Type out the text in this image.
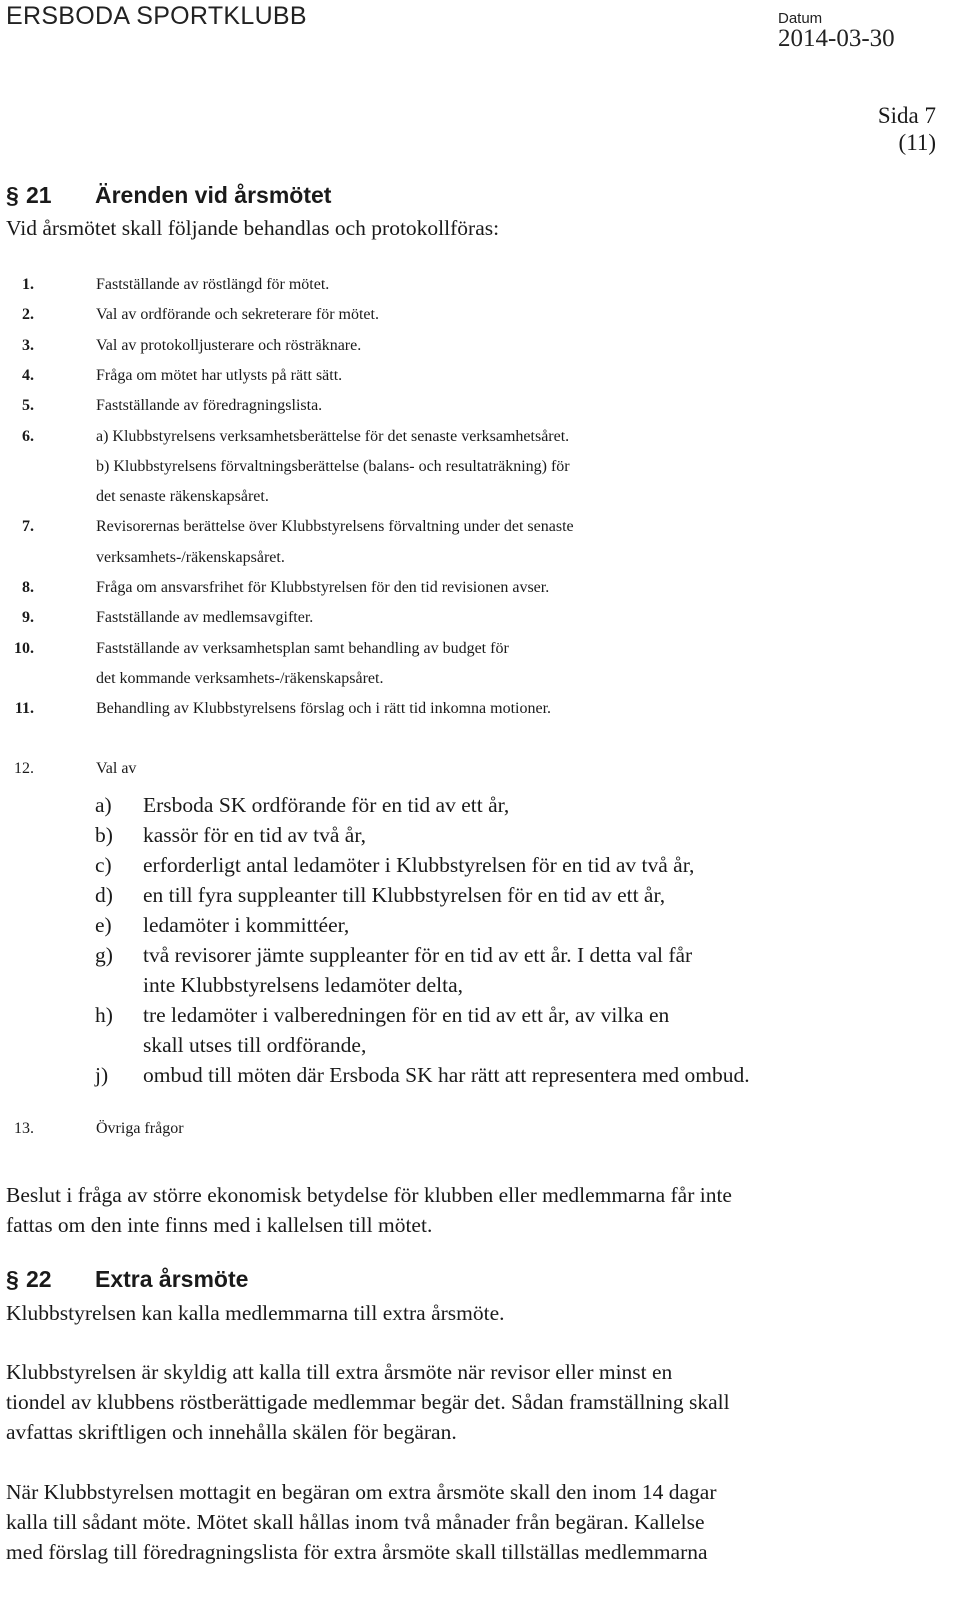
ERSBODA SPORTKLUBB	Datum
2014-03-30
Sida 7
(11)
§ 21 Ärenden vid årsmötet
Vid årsmötet skall följande behandlas och protokollföras:
1.	Fastställande av röstlängd för mötet.
2.	Val av ordförande och sekreterare för mötet.
3.	Val av protokolljusterare och rösträknare.
4.	Fråga om mötet har utlysts på rätt sätt.
5.	Fastställande av föredragningslista.
6.	a) Klubbstyrelsens verksamhetsberättelse för det senaste verksamhetsåret.
b) Klubbstyrelsens förvaltningsberättelse (balans- och resultaträkning) för
det senaste räkenskapsåret.
7.	Revisorernas berättelse över Klubbstyrelsens förvaltning under det senaste
verksamhets-/räkenskapsåret.
8.	Fråga om ansvarsfrihet för Klubbstyrelsen för den tid revisionen avser.
9.	Fastställande av medlemsavgifter.
10.	Fastställande av verksamhetsplan samt behandling av budget för
det kommande verksamhets-/räkenskapsåret.
11.	Behandling av Klubbstyrelsens förslag och i rätt tid inkomna motioner.
12.	Val av
a) Ersboda SK ordförande för en tid av ett år,
b) kassör för en tid av två år,
c) erforderligt antal ledamöter i Klubbstyrelsen för en tid av två år,
d) en till fyra suppleanter till Klubbstyrelsen för en tid av ett år,
e) ledamöter i kommittéer,
g) två revisorer jämte suppleanter för en tid av ett år. I detta val får
inte Klubbstyrelsens ledamöter delta,
h) tre ledamöter i valberedningen för en tid av ett år, av vilka en
skall utses till ordförande,
j) ombud till möten där Ersboda SK har rätt att representera med ombud.
13.	Övriga frågor
Beslut i fråga av större ekonomisk betydelse för klubben eller medlemmarna får inte
fattas om den inte finns med i kallelsen till mötet.
§ 22 Extra årsmöte
Klubbstyrelsen kan kalla medlemmarna till extra årsmöte.
Klubbstyrelsen är skyldig att kalla till extra årsmöte när revisor eller minst en
tiondel av klubbens röstberättigade medlemmar begär det. Sådan framställning skall
avfattas skriftligen och innehålla skälen för begäran.
När Klubbstyrelsen mottagit en begäran om extra årsmöte skall den inom 14 dagar
kalla till sådant möte. Mötet skall hållas inom två månader från begäran. Kallelse
med förslag till föredragningslista för extra årsmöte skall tillställas medlemmarna
